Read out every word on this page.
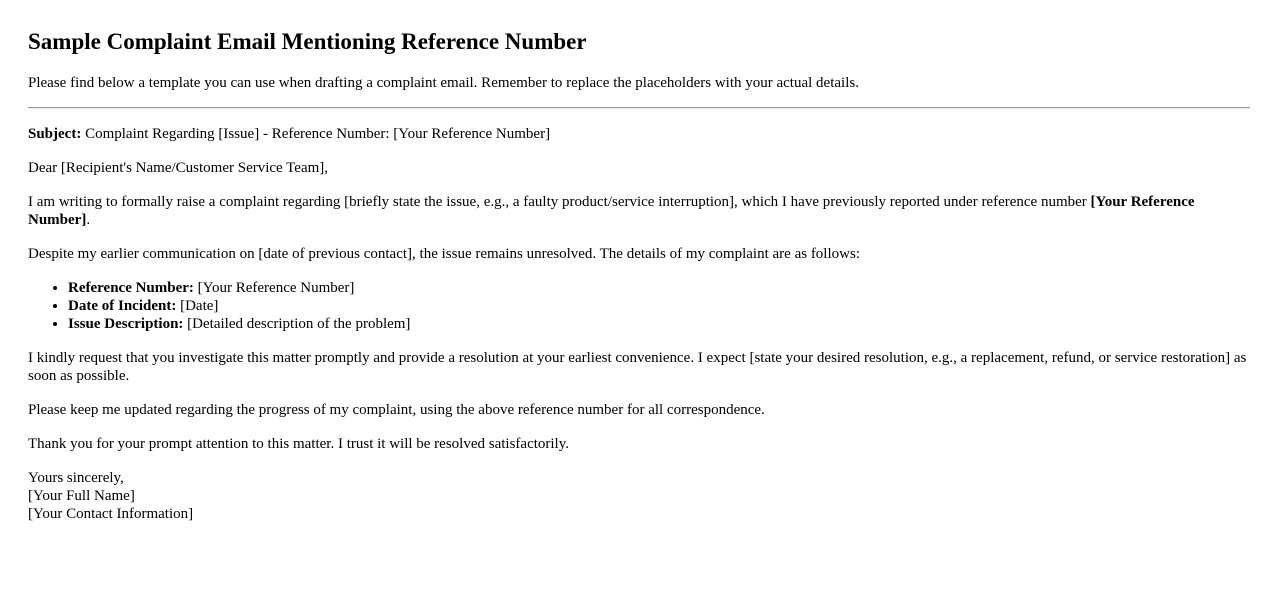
Sample Complaint Email Mentioning Reference Number

Please find below a template you can use when drafting a complaint email. Remember to replace the placeholders with your actual details.

Subject: Complaint Regarding [Issue] - Reference Number: [Your Reference Number]

Dear [Recipient's Name/Customer Service Team],

I am writing to formally raise a complaint regarding [briefly state the issue, e.g., a faulty product/service interruption], which I have previously reported under reference number [Your Reference Number].

Despite my earlier communication on [date of previous contact], the issue remains unresolved. The details of my complaint are as follows:

• Reference Number: [Your Reference Number]
• Date of Incident: [Date]
• Issue Description: [Detailed description of the problem]

I kindly request that you investigate this matter promptly and provide a resolution at your earliest convenience. I expect [state your desired resolution, e.g., a replacement, refund, or service restoration] as soon as possible.

Please keep me updated regarding the progress of my complaint, using the above reference number for all correspondence.

Thank you for your prompt attention to this matter. I trust it will be resolved satisfactorily.

Yours sincerely,
[Your Full Name]
[Your Contact Information]
